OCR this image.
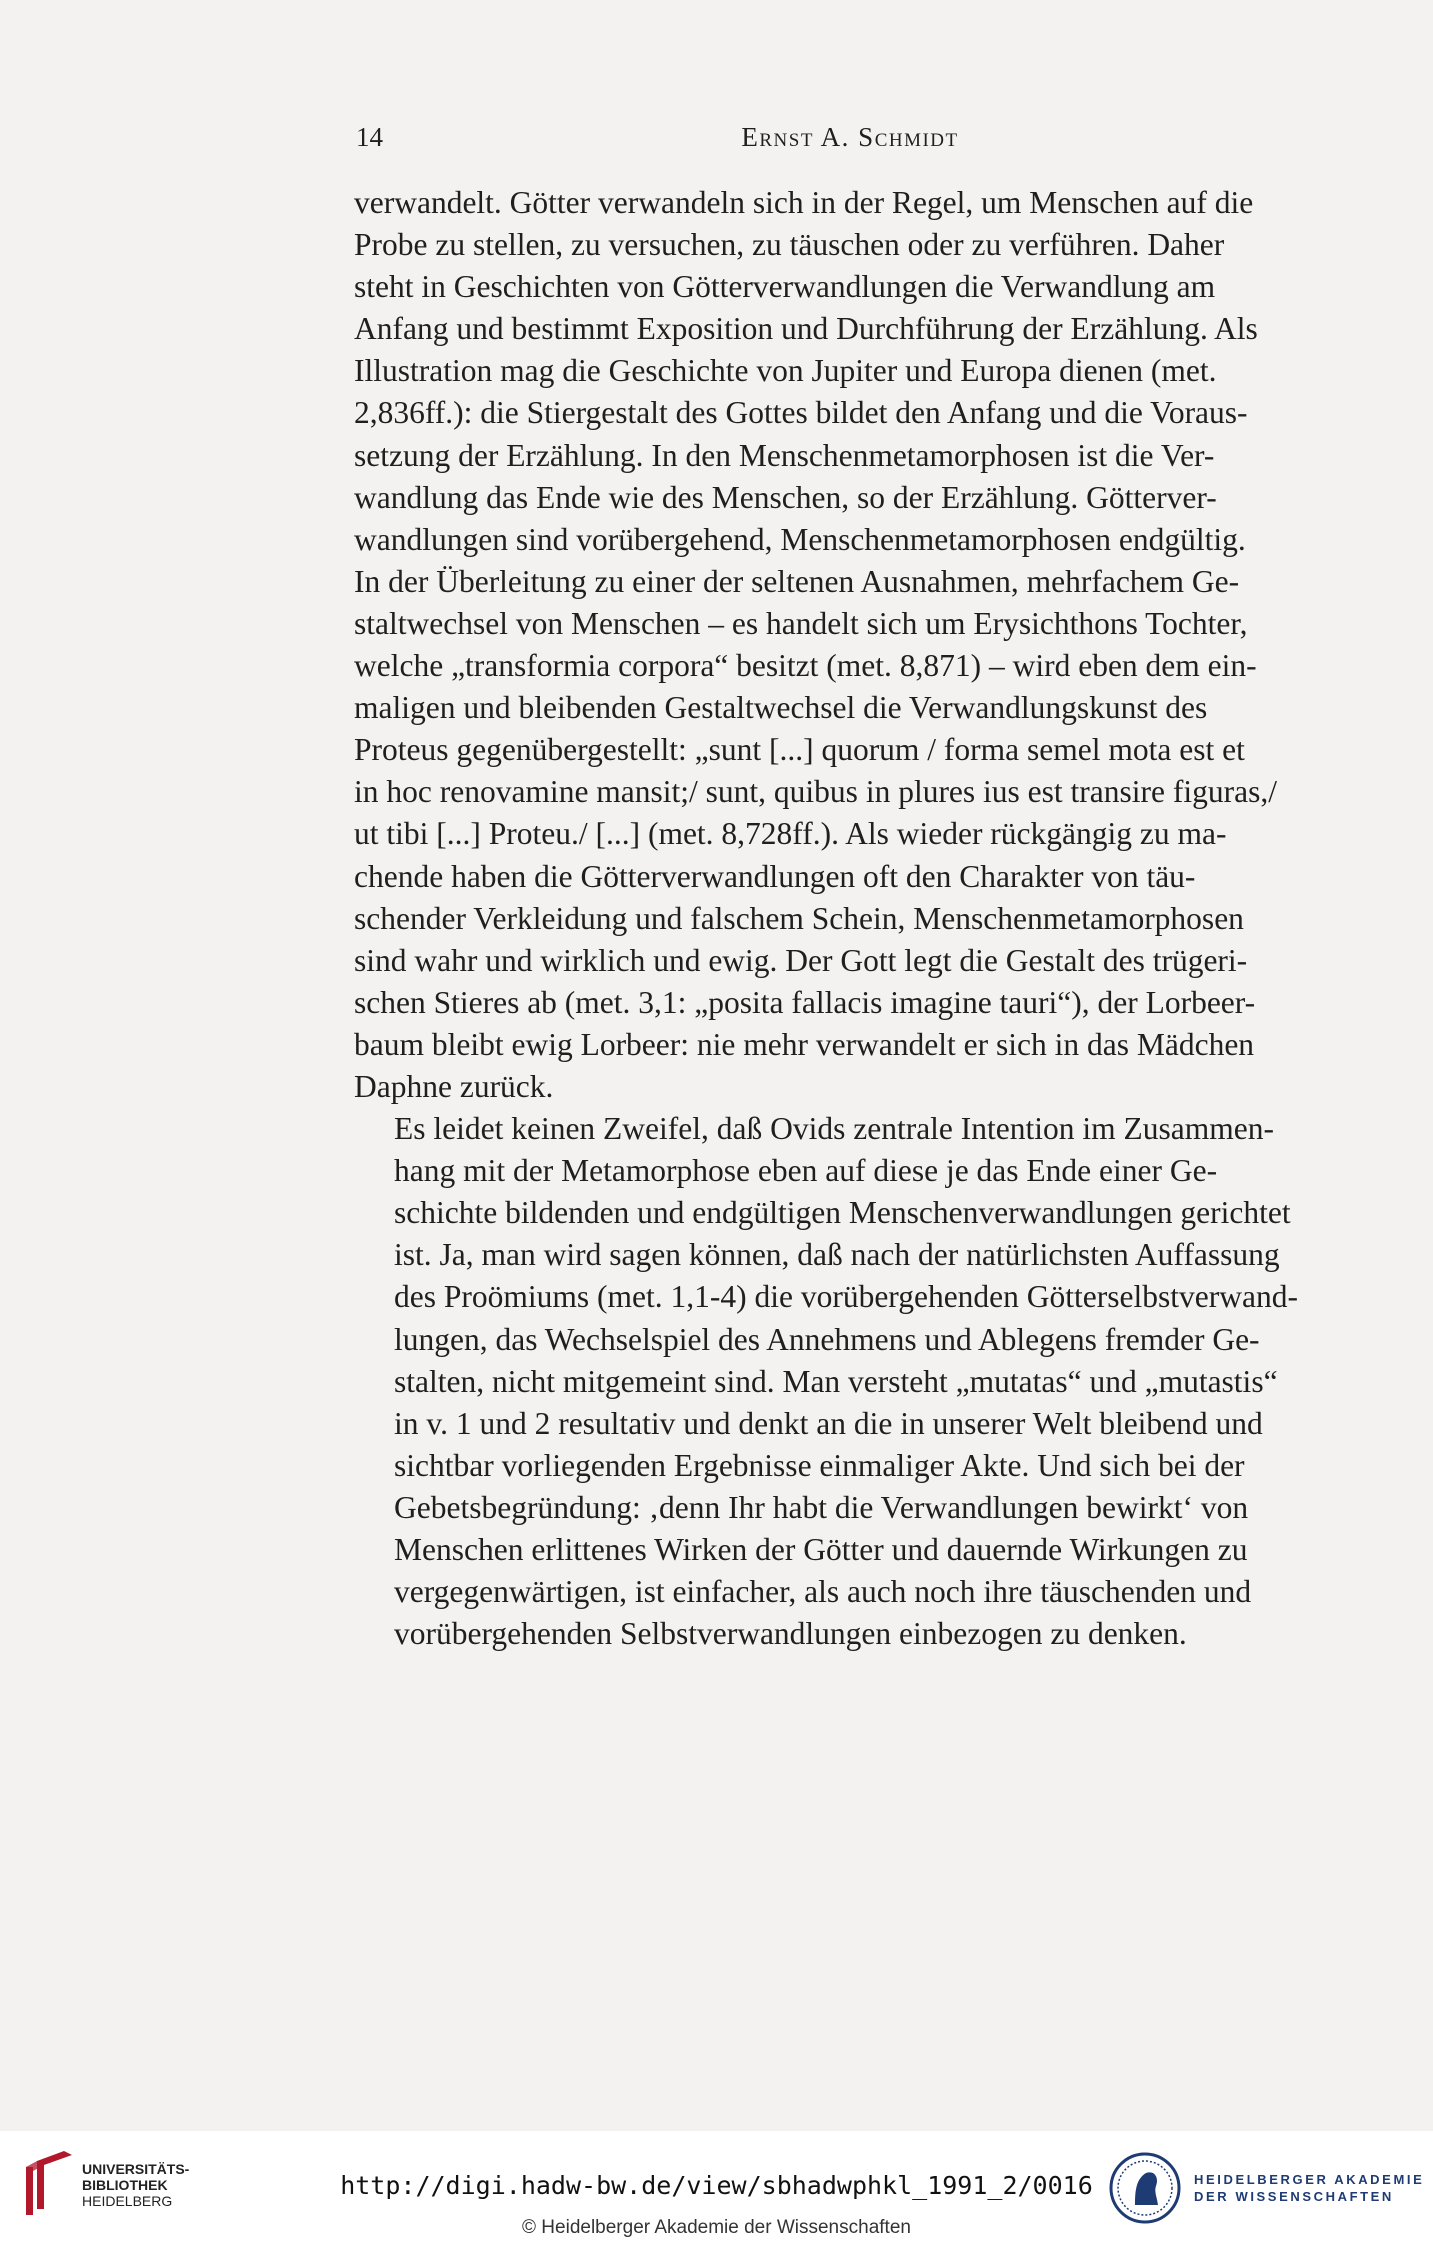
14	Ernst A. Schmidt

verwandelt. Götter verwandeln sich in der Regel, um Menschen auf die
Probe zu stellen, zu versuchen, zu täuschen oder zu verführen. Daher
steht in Geschichten von Götterverwandlungen die Verwandlung am
Anfang und bestimmt Exposition und Durchführung der Erzählung. Als
Illustration mag die Geschichte von Jupiter und Europa dienen (met.
2,836ff.): die Stiergestalt des Gottes bildet den Anfang und die Voraus-
setzung der Erzählung. In den Menschenmetamorphosen ist die Ver-
wandlung das Ende wie des Menschen, so der Erzählung. Götterver-
wandlungen sind vorübergehend, Menschenmetamorphosen endgültig.
In der Überleitung zu einer der seltenen Ausnahmen, mehrfachem Ge-
staltwechsel von Menschen – es handelt sich um Erysichthons Tochter,
welche „transformia corpora“ besitzt (met. 8,871) – wird eben dem ein-
maligen und bleibenden Gestaltwechsel die Verwandlungskunst des
Proteus gegenübergestellt: „sunt [...] quorum / forma semel mota est et
in hoc renovamine mansit;/ sunt, quibus in plures ius est transire figuras,/
ut tibi [...] Proteu./ [...] (met. 8,728ff.). Als wieder rückgängig zu ma-
chende haben die Götterverwandlungen oft den Charakter von täu-
schender Verkleidung und falschem Schein, Menschenmetamorphosen
sind wahr und wirklich und ewig. Der Gott legt die Gestalt des trügeri-
schen Stieres ab (met. 3,1: „posita fallacis imagine tauri“), der Lorbeer-
baum bleibt ewig Lorbeer: nie mehr verwandelt er sich in das Mädchen
Daphne zurück.

Es leidet keinen Zweifel, daß Ovids zentrale Intention im Zusammen-
hang mit der Metamorphose eben auf diese je das Ende einer Ge-
schichte bildenden und endgültigen Menschenverwandlungen gerichtet
ist. Ja, man wird sagen können, daß nach der natürlichsten Auffassung
des Proömiums (met. 1,1-4) die vorübergehenden Götterselbstverwand-
lungen, das Wechselspiel des Annehmens und Ablegens fremder Ge-
stalten, nicht mitgemeint sind. Man versteht „mutatas“ und „mutastis“
in v. 1 und 2 resultativ und denkt an die in unserer Welt bleibend und
sichtbar vorliegenden Ergebnisse einmaliger Akte. Und sich bei der
Gebetsbegründung: ‚denn Ihr habt die Verwandlungen bewirkt‘ von
Menschen erlittenes Wirken der Götter und dauernde Wirkungen zu
vergegenwärtigen, ist einfacher, als auch noch ihre täuschenden und
vorübergehenden Selbstverwandlungen einbezogen zu denken.

UNIVERSITÄTS-
BIBLIOTHEK
HEIDELBERG
http://digi.hadw-bw.de/view/sbhadwphkl_1991_2/0016
© Heidelberger Akademie der Wissenschaften
HEIDELBERGER AKADEMIE
DER WISSENSCHAFTEN
